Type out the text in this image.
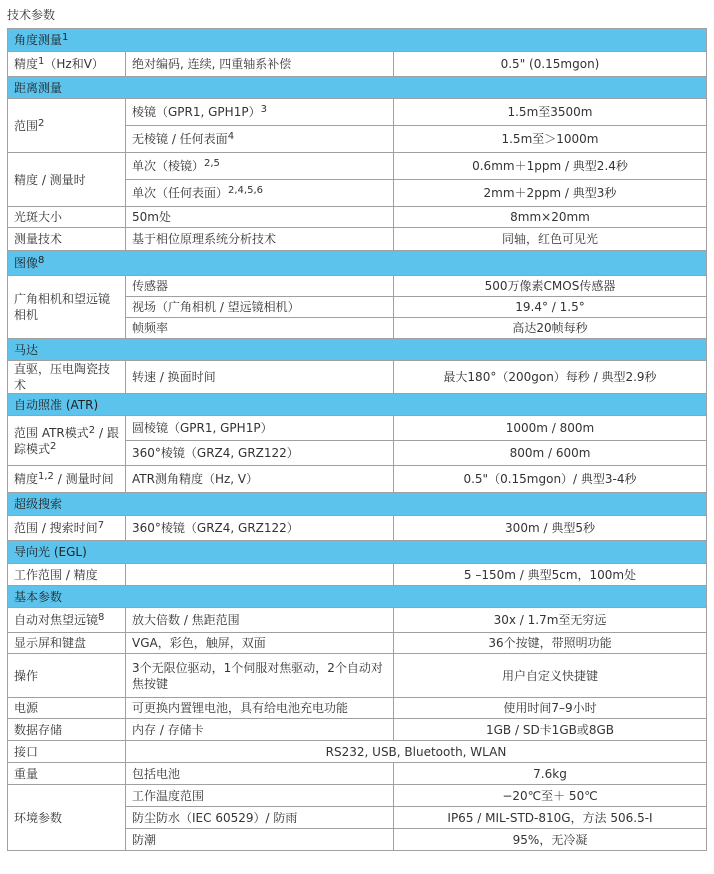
技术参数
角度测量$^1$
精度$^1$（Hz和V）	绝对编码, 连续, 四重轴系补偿	0.5" (0.15mgon)
距离测量		
范围$^2$	棱镜（GPR1, GPH1P）$^3$	1.5m至3500m
	无棱镜 / 任何表面$^4$	1.5m至＞1000m
精度 / 测量时	单次（棱镜）$^{2,5}$	0.6mm＋1ppm / 典型2.4秒
	单次（任何表面）$^{2,4,5,6}$	2mm＋2ppm / 典型3秒
光斑大小	50m处	8mm×20mm
测量技术	基于相位原理系统分析技术	同轴，红色可见光
图像$^8$
广角相机和望远镜相机	传感器	500万像素CMOS传感器
	视场（广角相机 / 望远镜相机）	19.4° / 1.5°
	帧频率	高达20帧每秒
马达		
直驱，压电陶瓷技术	转速 / 换面时间	最大180°（200gon）每秒 / 典型2.9秒
自动照准 (ATR)		
范围 ATR模式$^2$ / 跟踪模式$^2$	圆棱镜（GPR1, GPH1P）	1000m / 800m
	360°棱镜（GRZ4, GRZ122）	800m / 600m
精度$^{1,2}$ / 测量时间	ATR测角精度（Hz, V）	0.5"（0.15mgon）/ 典型3-4秒
超级搜索		
范围 / 搜索时间$^7$	360°棱镜（GRZ4, GRZ122）	300m / 典型5秒
导向光 (EGL)		
工作范围 / 精度		5 –150m / 典型5cm，100m处
基本参数		
自动对焦望远镜$^8$	放大倍数 / 焦距范围	30x / 1.7m至无穷远
显示屏和键盘	VGA，彩色，触屏，双面	36个按键，带照明功能
操作	3个无限位驱动，1个伺服对焦驱动，2个自动对焦按键	用户自定义快捷键
电源	可更换内置锂电池，具有给电池充电功能	使用时间7–9小时
数据存储	内存 / 存储卡	1GB / SD卡1GB或8GB
接口	RS232, USB, Bluetooth, WLAN	
重量	包括电池	7.6kg
环境参数	工作温度范围	−20℃至＋ 50℃
	防尘防水（IEC 60529）/ 防雨	IP65 / MIL-STD-810G，方法 506.5-I
	防潮	95%，无冷凝
